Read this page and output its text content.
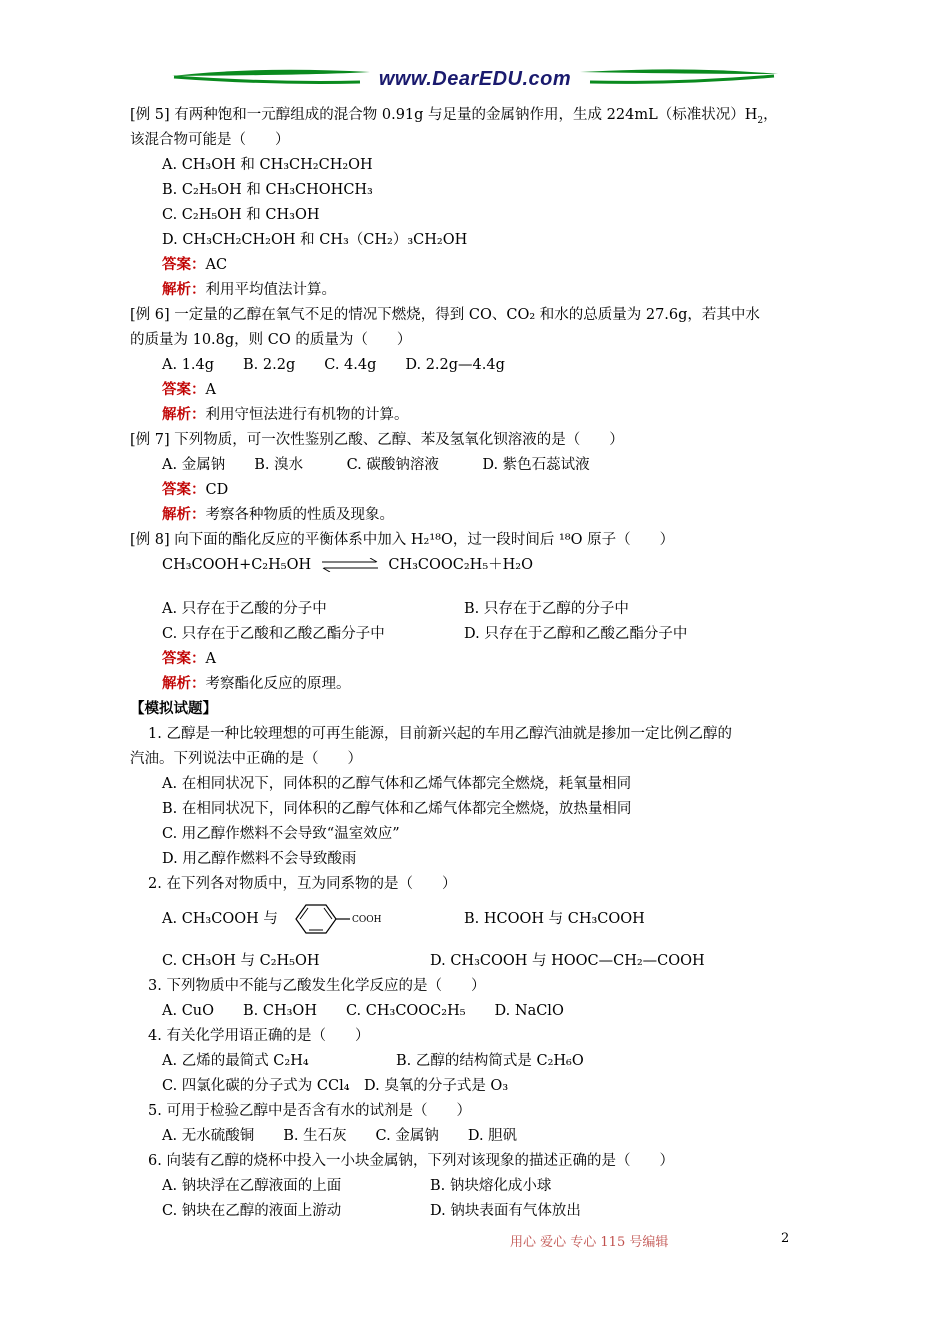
www.DearEDU.com
[例 5] 有两种饱和一元醇组成的混合物 0.91g 与足量的金属钠作用，生成 224mL（标准状况）$H_2$，
该混合物可能是（　　）
A. CH₃OH 和 CH₃CH₂CH₂OH
B. C₂H₅OH 和 CH₃CHOHCH₃
C. C₂H₅OH 和 CH₃OH
D. CH₃CH₂CH₂OH 和 CH₃（CH₂）₃CH₂OH
答案：AC
解析：利用平均值法计算。
[例 6] 一定量的乙醇在氧气不足的情况下燃烧，得到 CO、CO₂ 和水的总质量为 27.6g，若其中水
的质量为 10.8g，则 CO 的质量为（　　）
A. 1.4g　　B. 2.2g　　C. 4.4g　　D. 2.2g—4.4g
答案：A
解析：利用守恒法进行有机物的计算。
[例 7] 下列物质，可一次性鉴别乙酸、乙醇、苯及氢氧化钡溶液的是（　　）
A. 金属钠　　B. 溴水　　　C. 碳酸钠溶液　　　D. 紫色石蕊试液
答案：CD
解析：考察各种物质的性质及现象。
[例 8] 向下面的酯化反应的平衡体系中加入 H₂¹⁸O，过一段时间后 ¹⁸O 原子（　　）
CH₃COOH+C₂H₅OH	CH₃COOC₂H₅＋H₂O
A. 只存在于乙酸的分子中	B. 只存在于乙醇的分子中
C. 只存在于乙酸和乙酸乙酯分子中	D. 只存在于乙醇和乙酸乙酯分子中
答案：A
解析：考察酯化反应的原理。
【模拟试题】
1. 乙醇是一种比较理想的可再生能源，目前新兴起的车用乙醇汽油就是掺加一定比例乙醇的
汽油。下列说法中正确的是（　　）
A. 在相同状况下，同体积的乙醇气体和乙烯气体都完全燃烧，耗氧量相同
B. 在相同状况下，同体积的乙醇气体和乙烯气体都完全燃烧，放热量相同
C. 用乙醇作燃料不会导致“温室效应”
D. 用乙醇作燃料不会导致酸雨
2. 在下列各对物质中，互为同系物的是（　　）
A. CH₃COOH 与	COOH	B. HCOOH 与 CH₃COOH
C. CH₃OH 与 C₂H₅OH	D. CH₃COOH 与 HOOC—CH₂—COOH
3. 下列物质中不能与乙酸发生化学反应的是（　　）
A. CuO　　B. CH₃OH　　C. CH₃COOC₂H₅　　D. NaClO
4. 有关化学用语正确的是（　　）
A. 乙烯的最简式 C₂H₄	B. 乙醇的结构简式是 C₂H₆O
C. 四氯化碳的分子式为 CCl₄ D. 臭氧的分子式是 O₃
5. 可用于检验乙醇中是否含有水的试剂是（　　）
A. 无水硫酸铜　　B. 生石灰　　C. 金属钠　　D. 胆矾
6. 向装有乙醇的烧杯中投入一小块金属钠，下列对该现象的描述正确的是（　　）
A. 钠块浮在乙醇液面的上面	B. 钠块熔化成小球
C. 钠块在乙醇的液面上游动	D. 钠块表面有气体放出
用心 爱心 专心 115 号编辑	2
